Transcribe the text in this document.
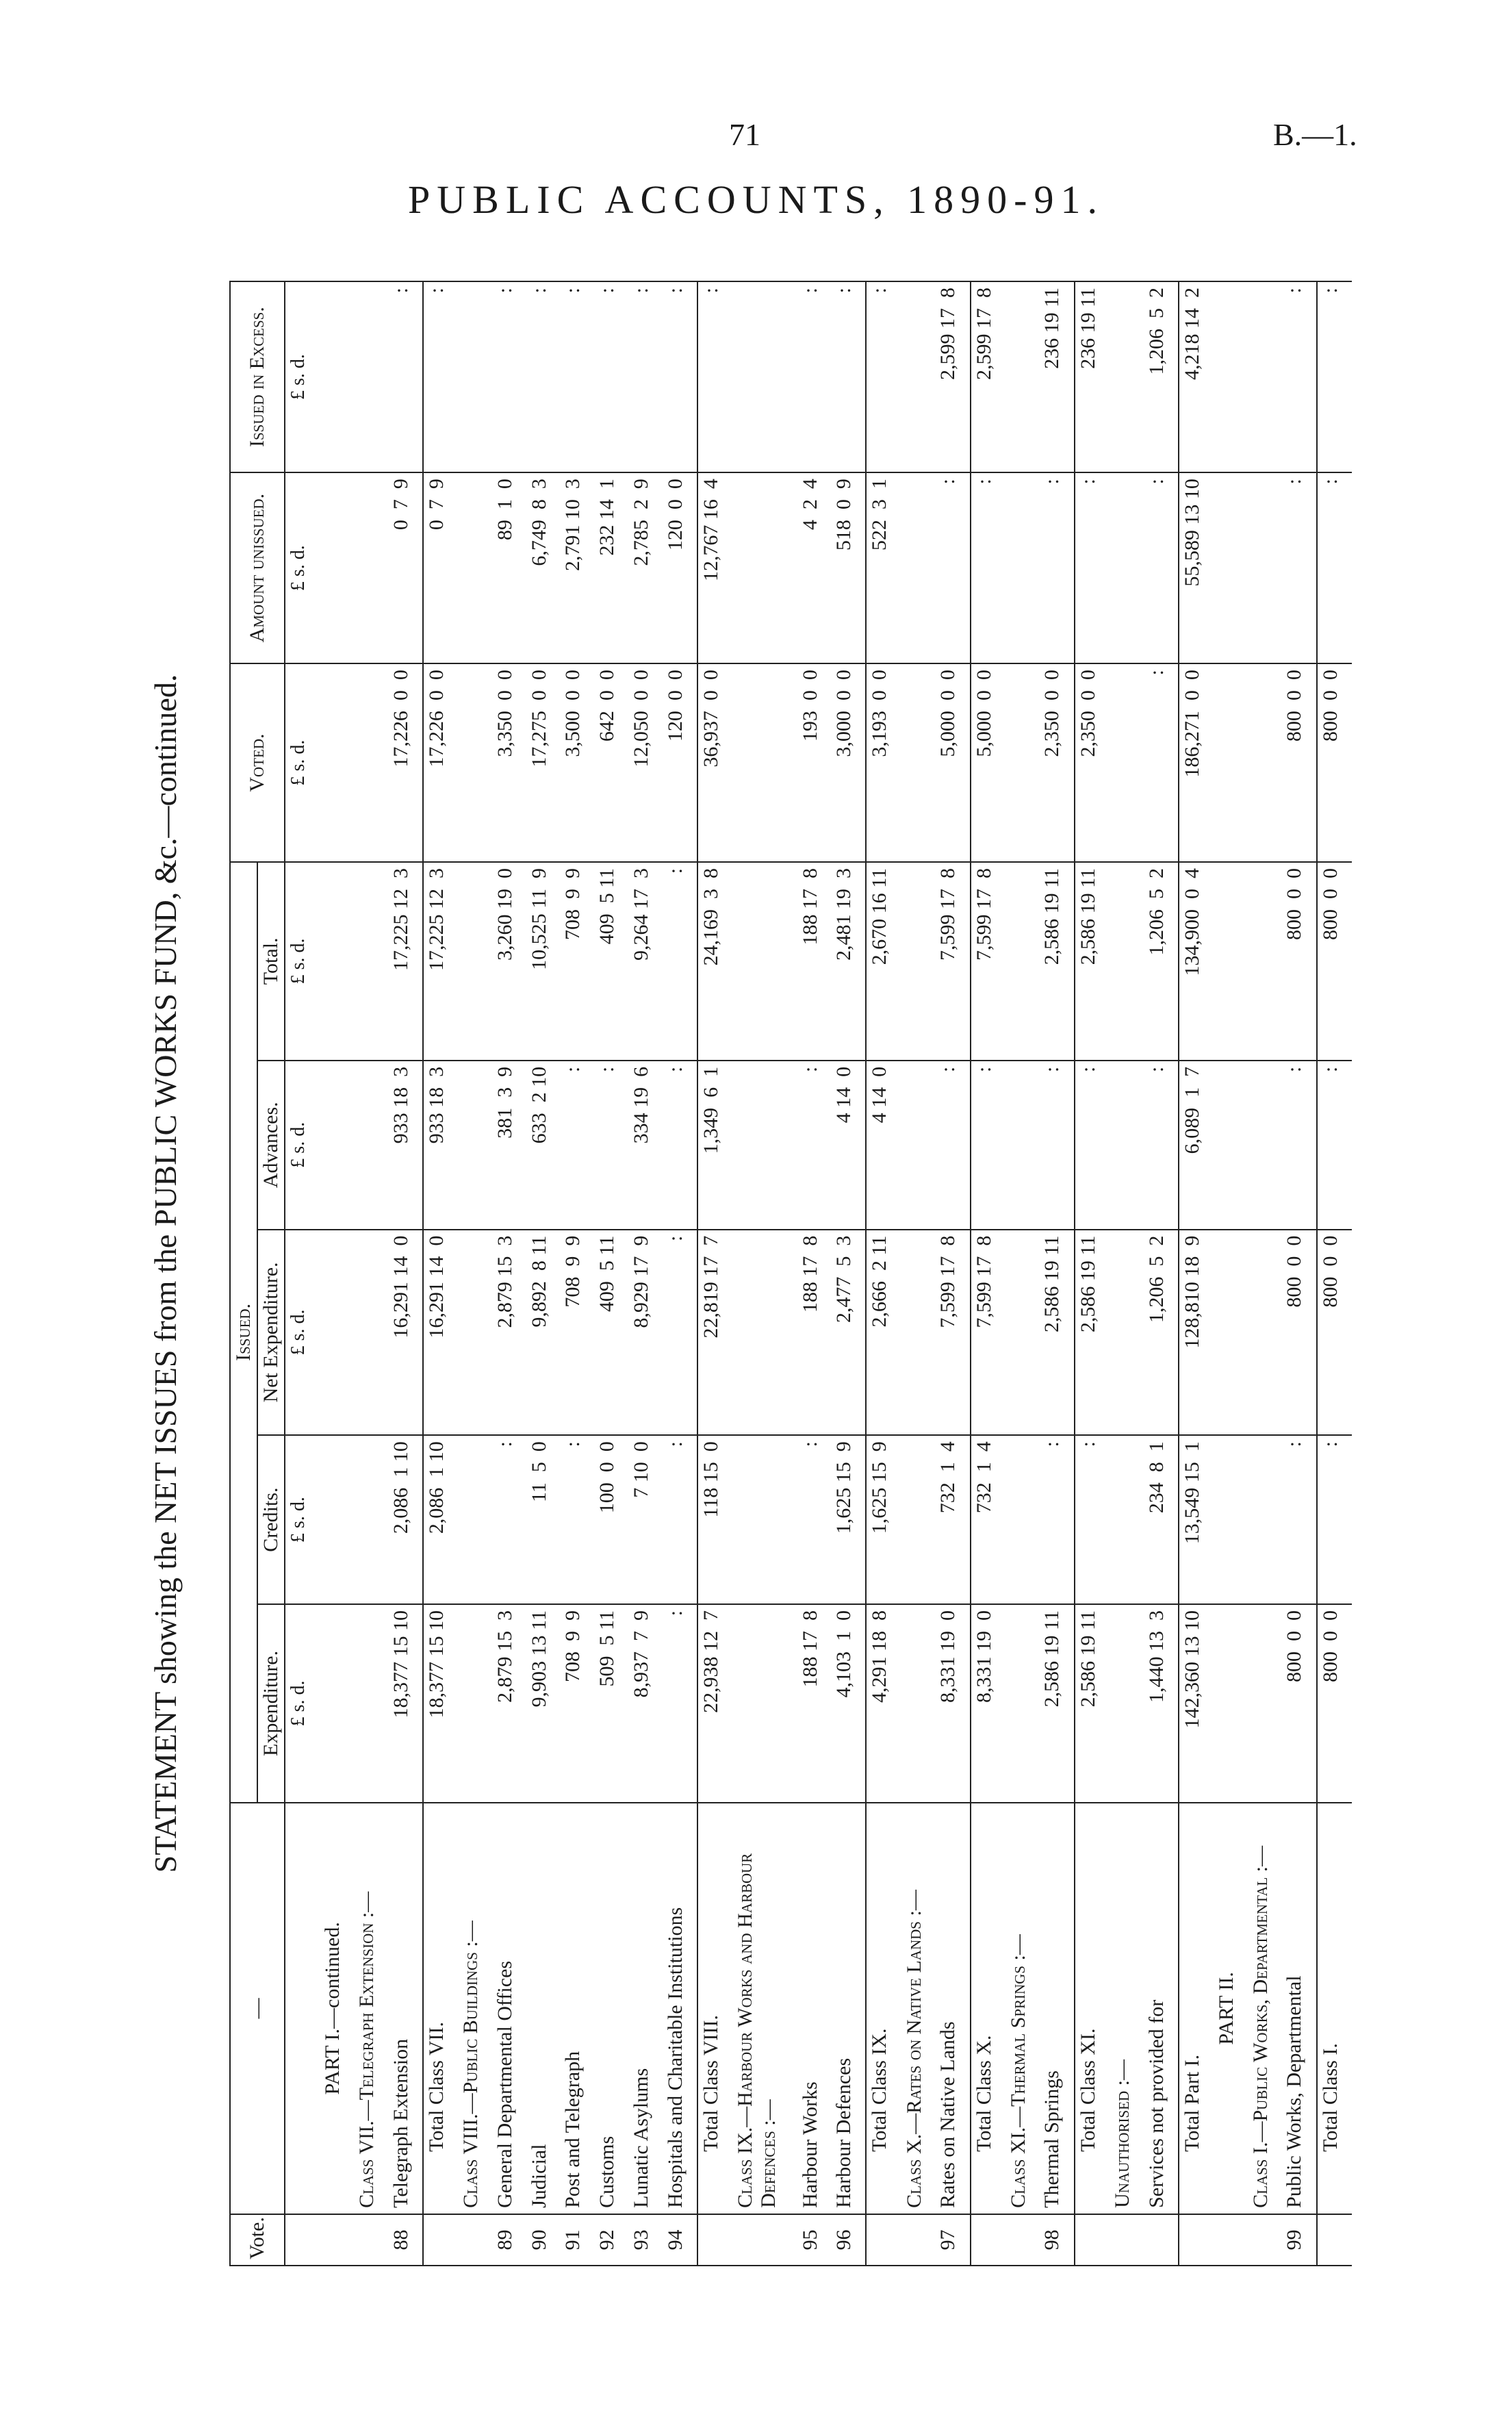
71	B.—1.
PUBLIC ACCOUNTS, 1890-91.
STATEMENT showing the NET ISSUES from the PUBLIC WORKS FUND, &c.—continued.
Vote.	—	Issued.					Voted.	Amount unissued.	Issued in Excess.
		Expenditure.	Credits.	Net Expenditure.	Advances.	Total.			
		£ s. d.	£ s. d.	£ s. d.	£ s. d.	£ s. d.	£ s. d.	£ s. d.	£ s. d.
	PART I.—continued.								
	Class VII.—Telegraph Extension :—								
88	Telegraph Extension	18,377 15 10	2,086  1 10	16,291 14  0	933 18  3	17,225 12  3	17,226  0  0	0  7  9	:
	Total Class VII.	18,377 15 10	2,086  1 10	16,291 14  0	933 18  3	17,225 12  3	17,226  0  0	0  7  9	:
	Class VIII.—Public Buildings :—								
89	General Departmental Offices	2,879 15  3	:	2,879 15  3	381  3  9	3,260 19  0	3,350  0  0	89  1  0	:
90	Judicial	9,903 13 11	11  5  0	9,892  8 11	633  2 10	10,525 11  9	17,275  0  0	6,749  8  3	:
91	Post and Telegraph	708  9  9	:	708  9  9	:	708  9  9	3,500  0  0	2,791 10  3	:
92	Customs	509  5 11	100  0  0	409  5 11	:	409  5 11	642  0  0	232 14  1	:
93	Lunatic Asylums	8,937  7  9	7 10  0	8,929 17  9	334 19  6	9,264 17  3	12,050  0  0	2,785  2  9	:
94	Hospitals and Charitable Institutions	:	:	:	:	:	120  0  0	120  0  0	:
	Total Class VIII.	22,938 12  7	118 15  0	22,819 17  7	1,349  6  1	24,169  3  8	36,937  0  0	12,767 16  4	:
	Class IX.—Harbour Works and Harbour Defences :—								
95	Harbour Works	188 17  8	:	188 17  8	:	188 17  8	193  0  0	4  2  4	:
96	Harbour Defences	4,103  1  0	1,625 15  9	2,477  5  3	4 14  0	2,481 19  3	3,000  0  0	518  0  9	:
	Total Class IX.	4,291 18  8	1,625 15  9	2,666  2 11	4 14  0	2,670 16 11	3,193  0  0	522  3  1	:
	Class X.—Rates on Native Lands :—								
97	Rates on Native Lands	8,331 19  0	732  1  4	7,599 17  8	:	7,599 17  8	5,000  0  0	:	2,599 17  8
	Total Class X.	8,331 19  0	732  1  4	7,599 17  8	:	7,599 17  8	5,000  0  0	:	2,599 17  8
	Class XI.—Thermal Springs :—								
98	Thermal Springs	2,586 19 11	:	2,586 19 11	:	2,586 19 11	2,350  0  0	:	236 19 11
	Total Class XI.	2,586 19 11	:	2,586 19 11	:	2,586 19 11	2,350  0  0	:	236 19 11
	Unauthorised :—								
	Services not provided for	1,440 13  3	234  8  1	1,206  5  2	:	1,206  5  2	:	:	1,206  5  2
	Total Part I.	142,360 13 10	13,549 15  1	128,810 18  9	6,089  1  7	134,900  0  4	186,271  0  0	55,589 13 10	4,218 14  2
	PART II.								
	Class I.—Public Works, Departmental :—								
99	Public Works, Departmental	800  0  0	:	800  0  0	:	800  0  0	800  0  0	:	:
	Total Class I.	800  0  0	:	800  0  0	:	800  0  0	800  0  0	:	:
